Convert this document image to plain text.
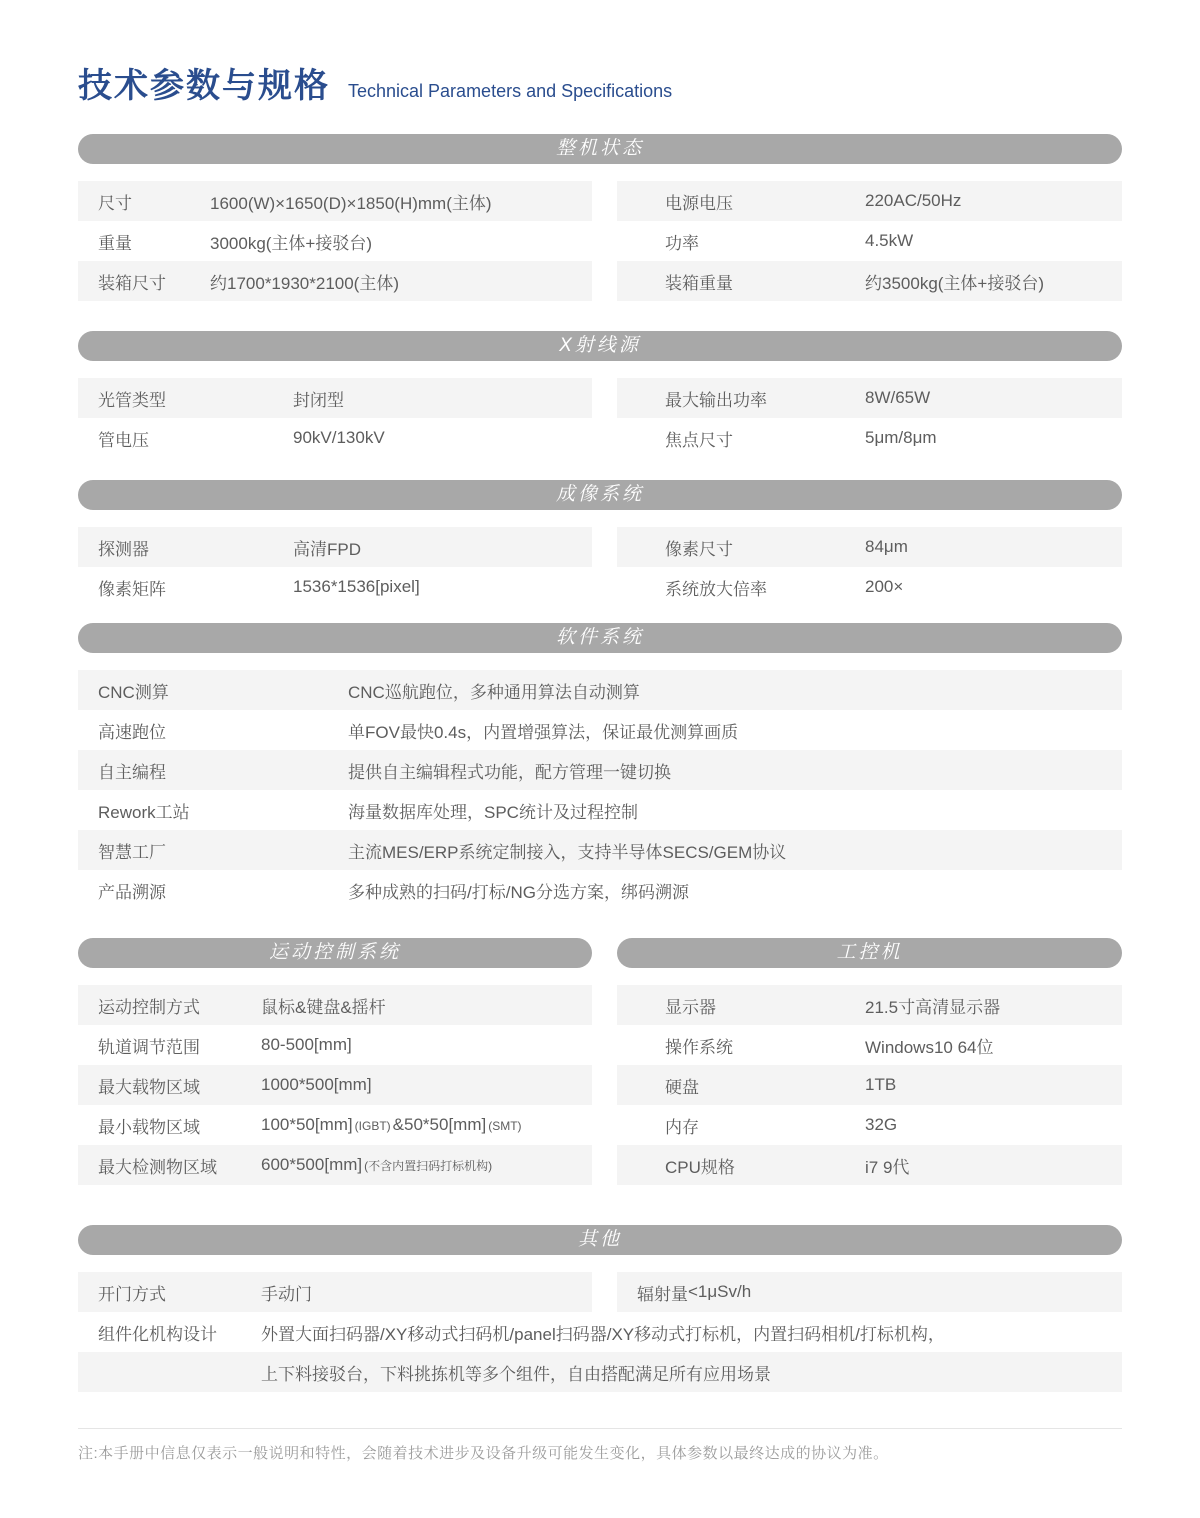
技术参数与规格 Technical Parameters and Specifications
整机状态
尺寸	1600(W)×1650(D)×1850(H)mm(主体)
重量	3000kg(主体+接驳台)
装箱尺寸	约1700*1930*2100(主体)
电源电压	220AC/50Hz
功率	4.5kW
装箱重量	约3500kg(主体+接驳台)
X射线源
光管类型	封闭型
管电压	90kV/130kV
最大输出功率	8W/65W
焦点尺寸	5μm/8μm
成像系统
探测器	高清FPD
像素矩阵	1536*1536[pixel]
像素尺寸	84μm
系统放大倍率	200×
软件系统
CNC测算	CNC巡航跑位，多种通用算法自动测算
高速跑位	单FOV最快0.4s，内置增强算法，保证最优测算画质
自主编程	提供自主编辑程式功能，配方管理一键切换
Rework工站	海量数据库处理，SPC统计及过程控制
智慧工厂	主流MES/ERP系统定制接入，支持半导体SECS/GEM协议
产品溯源	多种成熟的扫码/打标/NG分选方案，绑码溯源
运动控制系统	工控机
运动控制方式	鼠标&键盘&摇杆
轨道调节范围	80-500[mm]
最大载物区域	1000*500[mm]
最小载物区域	100*50[mm] (IGBT) &50*50[mm] (SMT)
最大检测物区域	600*500[mm] (不含内置扫码打标机构)
显示器	21.5寸高清显示器
操作系统	Windows10 64位
硬盘	1TB
内存	32G
CPU规格	i7 9代
其他
开门方式	手动门	辐射量 <1μSv/h
组件化机构设计	外置大面扫码器/XY移动式扫码机/panel扫码器/XY移动式打标机，内置扫码相机/打标机构，
上下料接驳台，下料挑拣机等多个组件，自由搭配满足所有应用场景
注:本手册中信息仅表示一般说明和特性，会随着技术进步及设备升级可能发生变化，具体参数以最终达成的协议为准。
